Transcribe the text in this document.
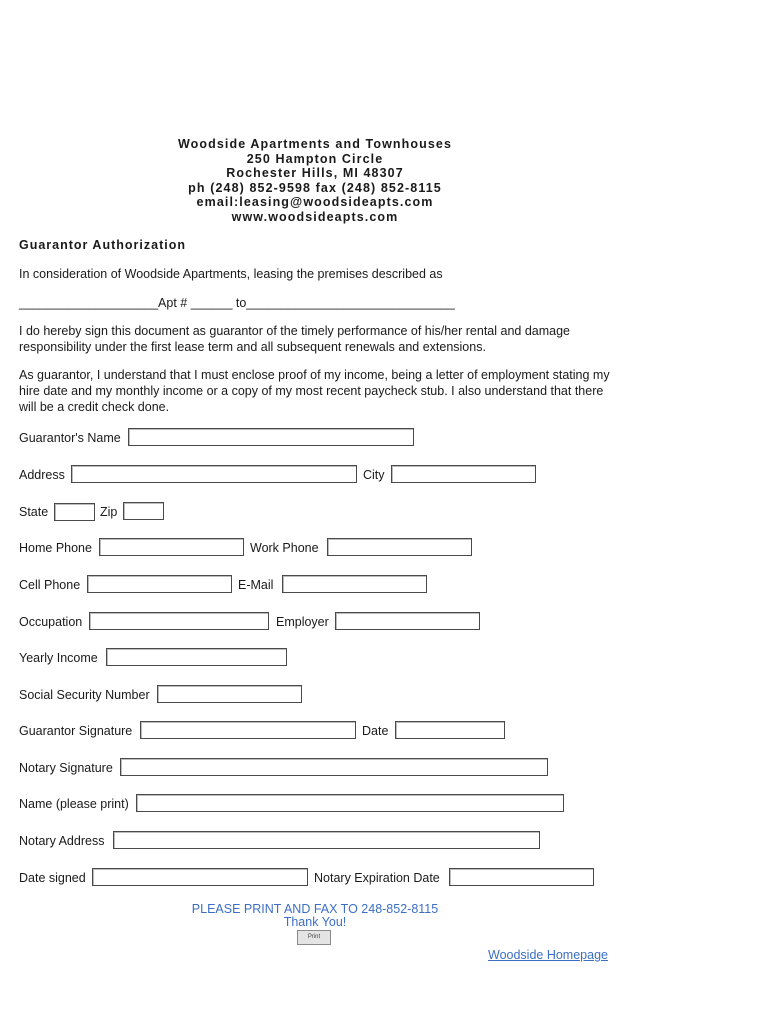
Woodside Apartments and Townhouses
250 Hampton Circle
Rochester Hills, MI 48307
ph (248) 852-9598 fax (248) 852-8115
email:leasing@woodsideapts.com
www.woodsideapts.com
Guarantor Authorization
In consideration of Woodside Apartments, leasing the premises described as
____________________Apt # ______ to______________________________
I do hereby sign this document as guarantor of the timely performance of his/her rental and damage responsibility under the first lease term and all subsequent renewals and extensions.
As guarantor, I understand that I must enclose proof of my income, being a letter of employment stating my hire date and my monthly income or a copy of my most recent paycheck stub. I also understand that there will be a credit check done.
Guarantor's Name
Address	City
State	Zip
Home Phone	Work Phone
Cell Phone	E-Mail
Occupation	Employer
Yearly Income
Social Security Number
Guarantor Signature	Date
Notary Signature
Name (please print)
Notary Address
Date signed	Notary Expiration Date
PLEASE PRINT AND FAX TO 248-852-8115
Thank You!
Print
Woodside Homepage
